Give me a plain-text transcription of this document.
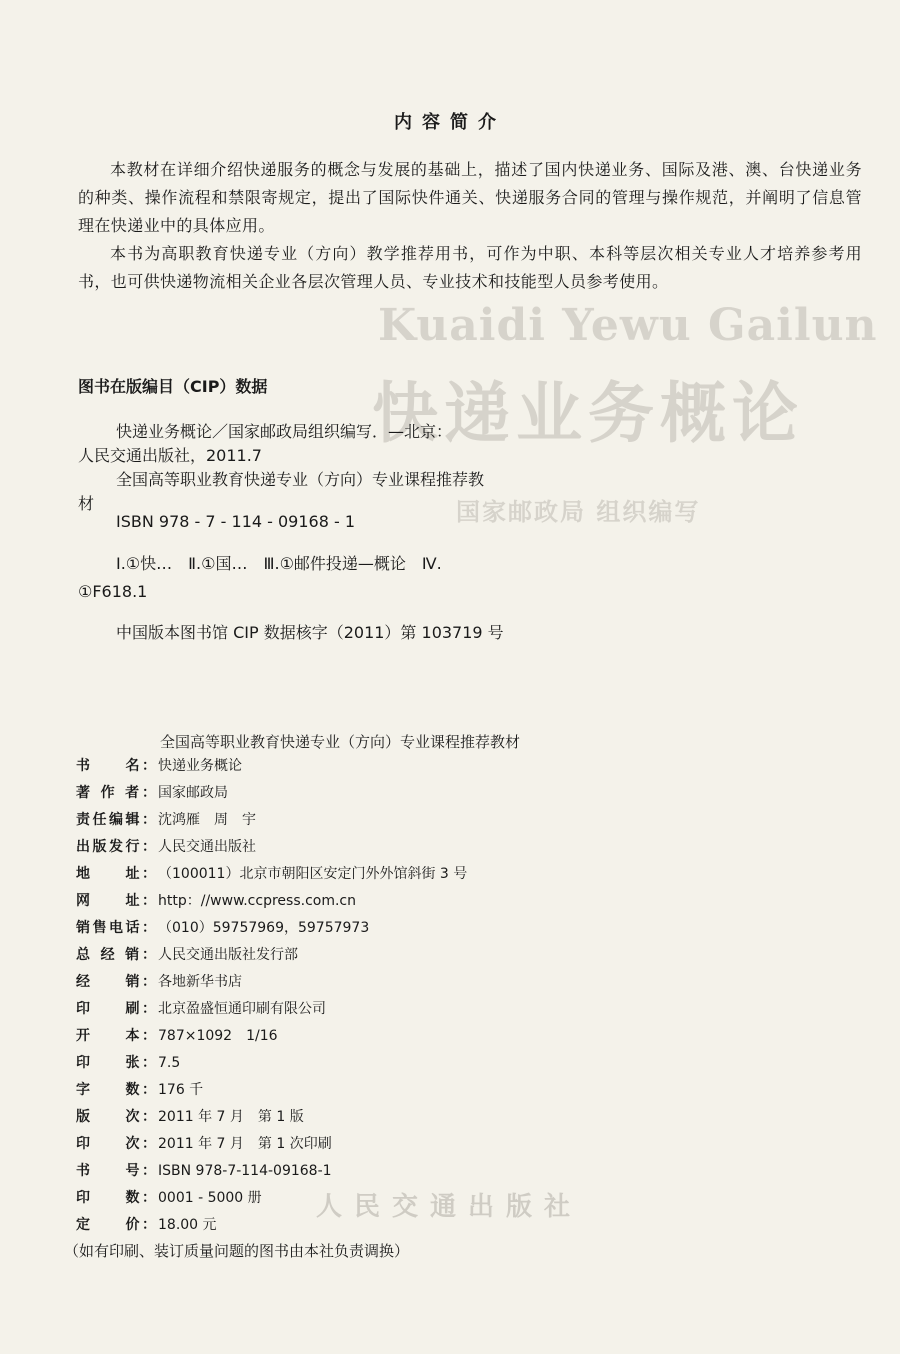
Kuaidi Yewu Gailun
快递业务概论
国家邮政局 组织编写
人民交通出版社
内容简介

本教材在详细介绍快递服务的概念与发展的基础上，描述了国内快递业务、国际及港、澳、台快递业务的种类、操作流程和禁限寄规定，提出了国际快件通关、快递服务合同的管理与操作规范，并阐明了信息管理在快递业中的具体应用。

本书为高职教育快递专业（方向）教学推荐用书，可作为中职、本科等层次相关专业人才培养参考用书，也可供快递物流相关企业各层次管理人员、专业技术和技能型人员参考使用。

图书在版编目（CIP）数据
快递业务概论／国家邮政局组织编写．—北京：
人民交通出版社，2011.7
全国高等职业教育快递专业（方向）专业课程推荐教
材
ISBN 978 - 7 - 114 - 09168 - 1
Ⅰ.①快…　Ⅱ.①国…　Ⅲ.①邮件投递—概论　Ⅳ.
①F618.1
中国版本图书馆 CIP 数据核字（2011）第 103719 号
全国高等职业教育快递专业（方向）专业课程推荐教材
书　　名： 快递业务概论
著 作 者： 国家邮政局
责任编辑： 沈鸿雁　周　宇
出版发行： 人民交通出版社
地　　址： （100011）北京市朝阳区安定门外外馆斜街 3 号
网　　址： http：//www.ccpress.com.cn
销售电话： （010）59757969，59757973
总 经 销： 人民交通出版社发行部
经　　销： 各地新华书店
印　　刷： 北京盈盛恒通印刷有限公司
开　　本： 787×1092　1/16
印　　张： 7.5
字　　数： 176 千
版　　次： 2011 年 7 月　第 1 版
印　　次： 2011 年 7 月　第 1 次印刷
书　　号： ISBN 978-7-114-09168-1
印　　数： 0001 - 5000 册
定　　价： 18.00 元
（如有印刷、装订质量问题的图书由本社负责调换）
